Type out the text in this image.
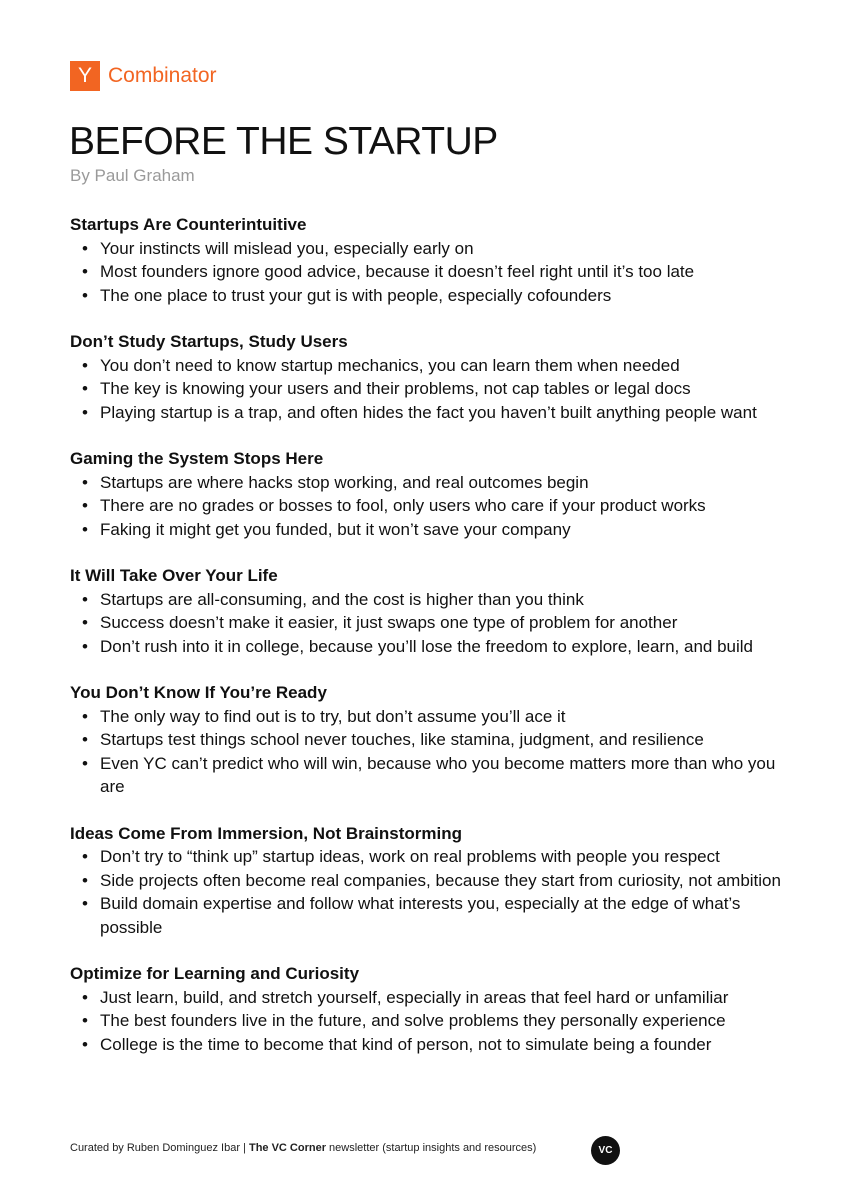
Y Combinator
BEFORE THE STARTUP
By Paul Graham
Startups Are Counterintuitive
• Your instincts will mislead you, especially early on
• Most founders ignore good advice, because it doesn’t feel right until it’s too late
• The one place to trust your gut is with people, especially cofounders
Don’t Study Startups, Study Users
• You don’t need to know startup mechanics, you can learn them when needed
• The key is knowing your users and their problems, not cap tables or legal docs
• Playing startup is a trap, and often hides the fact you haven’t built anything people want
Gaming the System Stops Here
• Startups are where hacks stop working, and real outcomes begin
• There are no grades or bosses to fool, only users who care if your product works
• Faking it might get you funded, but it won’t save your company
It Will Take Over Your Life
• Startups are all-consuming, and the cost is higher than you think
• Success doesn’t make it easier, it just swaps one type of problem for another
• Don’t rush into it in college, because you’ll lose the freedom to explore, learn, and build
You Don’t Know If You’re Ready
• The only way to find out is to try, but don’t assume you’ll ace it
• Startups test things school never touches, like stamina, judgment, and resilience
• Even YC can’t predict who will win, because who you become matters more than who you are
Ideas Come From Immersion, Not Brainstorming
• Don’t try to “think up” startup ideas, work on real problems with people you respect
• Side projects often become real companies, because they start from curiosity, not ambition
• Build domain expertise and follow what interests you, especially at the edge of what’s possible
Optimize for Learning and Curiosity
• Just learn, build, and stretch yourself, especially in areas that feel hard or unfamiliar
• The best founders live in the future, and solve problems they personally experience
• College is the time to become that kind of person, not to simulate being a founder
Curated by Ruben Dominguez Ibar | The VC Corner newsletter (startup insights and resources)	VC
